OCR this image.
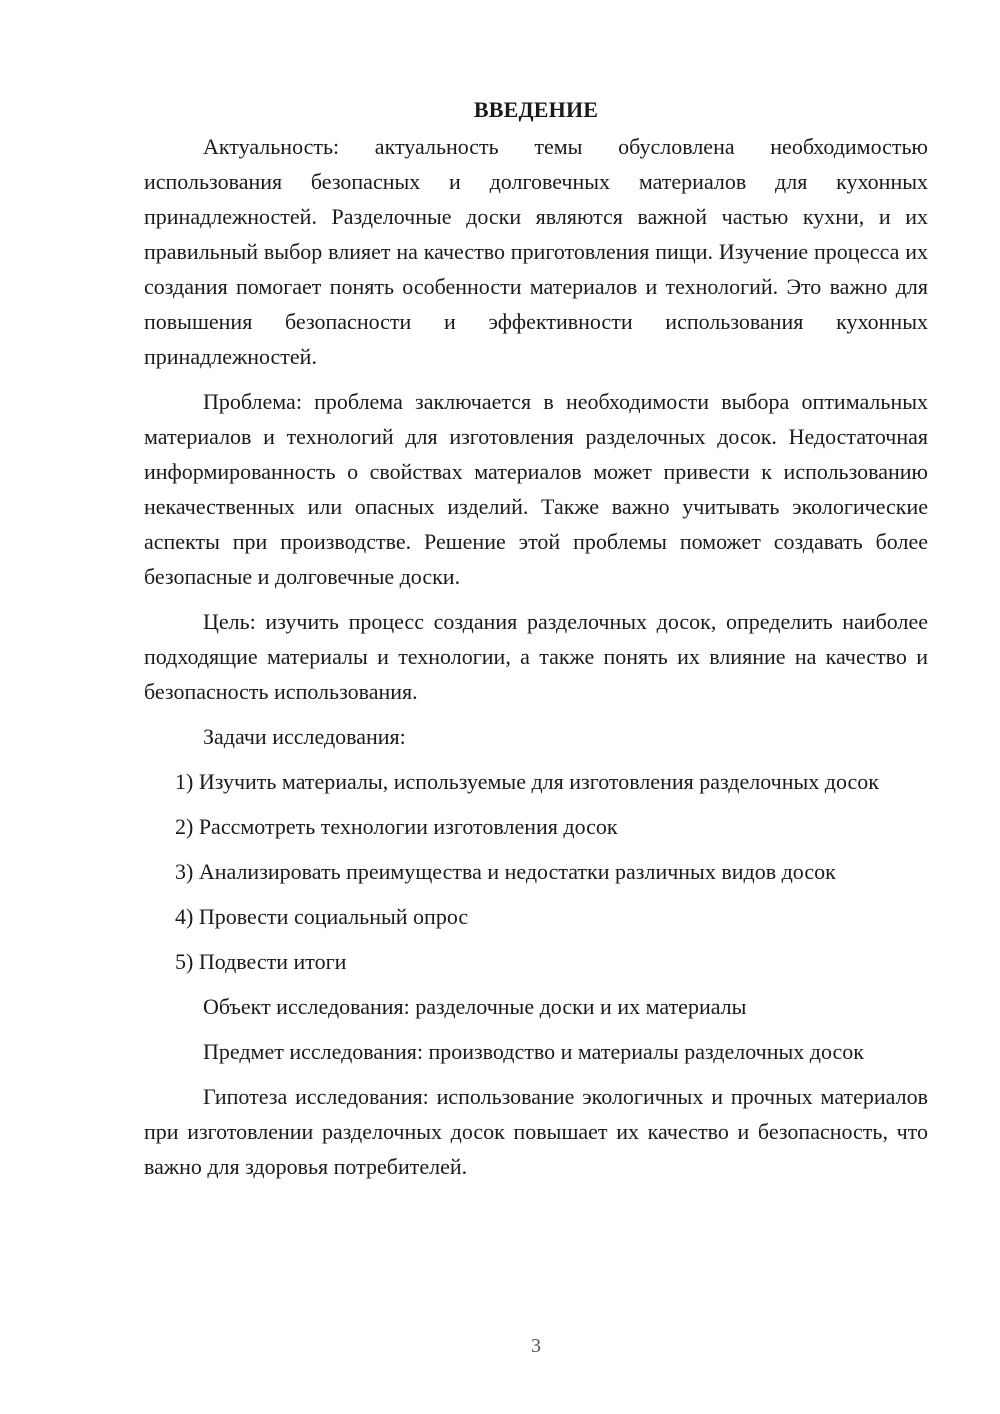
ВВЕДЕНИЕ

Актуальность: актуальность темы обусловлена необходимостью использования безопасных и долговечных материалов для кухонных принадлежностей. Разделочные доски являются важной частью кухни, и их правильный выбор влияет на качество приготовления пищи. Изучение процесса их создания помогает понять особенности материалов и технологий. Это важно для повышения безопасности и эффективности использования кухонных принадлежностей.

Проблема: проблема заключается в необходимости выбора оптимальных материалов и технологий для изготовления разделочных досок. Недостаточная информированность о свойствах материалов может привести к использованию некачественных или опасных изделий. Также важно учитывать экологические аспекты при производстве. Решение этой проблемы поможет создавать более безопасные и долговечные доски.

Цель: изучить процесс создания разделочных досок, определить наиболее подходящие материалы и технологии, а также понять их влияние на качество и безопасность использования.

Задачи исследования:

1) Изучить материалы, используемые для изготовления разделочных досок

2) Рассмотреть технологии изготовления досок

3) Анализировать преимущества и недостатки различных видов досок

4) Провести социальный опрос

5) Подвести итоги

Объект исследования: разделочные доски и их материалы

Предмет исследования: производство и материалы разделочных досок

Гипотеза исследования: использование экологичных и прочных материалов при изготовлении разделочных досок повышает их качество и безопасность, что важно для здоровья потребителей.

3
